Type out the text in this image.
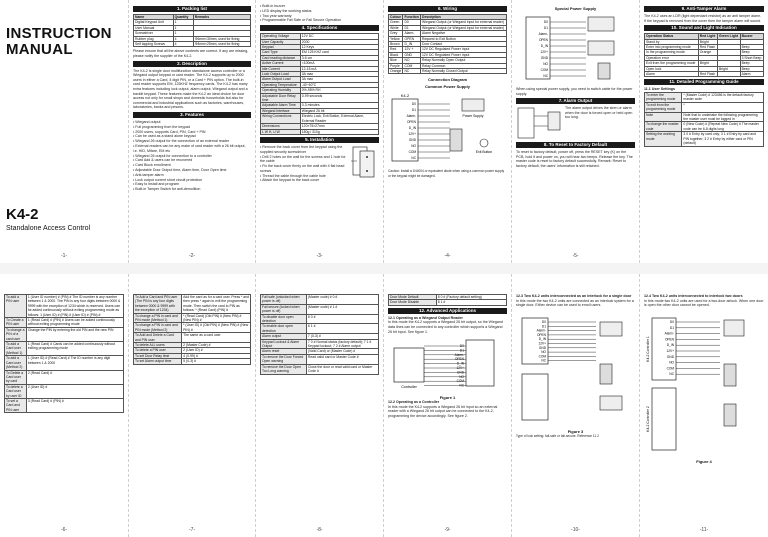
INSTRUCTION
MANUAL
K4-2
Standalone Access Control
-1-
1. Packing list
Name	Quantity	Remarks
Digital Keypad Unit	1	
User Manual	1	
Screwdriver	1	
Rubber plug	4	Φ6mm×30mm, used for fixing
Self tapping Screws	4	Φ4mm×25mm, used for fixing
Please ensure that all the above contents are correct. If any are missing, please notify the supplier of the K4-2.
2. Description
The K4-2 is single door multifunction standalone access controller or a Wiegand output keypad or card reader. The K4-2 supports up to 2000 users in either a Card, 4 digit PIN, or a Card + PIN option. The built-in card reader supports EM, 125KHZ frequency cards. The K4-2 has many extra features including lock output, alarm output, Wiegand output and a backlit keypad. These features make the K4-2 an ideal choice for door access not only for small shops and domestic households but also for commercial and industrial applications such as factories, warehouses, laboratories, banks and prisons.
3. Features
• Wiegand output
• Full programming from the keypad
• 2000 users, supports Card, PIN, Card + PIN
• Can be used as a stand alone keypad
• Wiegand 26 output for the connection of an external reader
• External readers can be any make of card reader with a 26 bit output, i.e. HID, Mifare, EM etc
• Wiegand 26 output for connection to a controller
• Card Add & users can be recovered
• Card Block enrollment
• Adjustable Door Output time, Alarm time, Door Open time
• Anti-tamper alarm
• Lock output current short circuit protection
• Easy to install and program
• Built-in Tamper Switch for anti-demolition
-2-
• Built-in buzzer
• LED display the working status
• Two year warranty
• Programmable Fail Safe or Fail Secure Operation
4. Specifications
Operating Voltage	12V DC
User Capacity	2000
Keypad	12 Keys
Card Type	EM 125 KHZ card
Card reading distance	3-6 cm
Active Current	<100mA
Idle Current	12-15 mA
Lock Output Load	3A max
Alarm Output Load	3A max
Operating Temperature	-40~60°C
Operating Humidity	0%-95% RH
Adjustable Door Relay time	0-99 seconds
Adjustable Alarm Time	0-3 minutes
Wiegand Interface	Wiegand 26 bit
Wiring Connections	Electric Lock, Exit Button, External Alarm, External Reader
Dimensions	120×75×27mm
L W H, U.W	180g / 310g
5. Installation
• Remove the back cover from the keypad using the supplied security screwdriver
• Drill 2 holes on the wall for the screws and 1 hole for the cable
• Fix the back cover firmly on the wall with 4 flat head screws
• Thread the cable through the cable hole
• Attach the keypad to the back cover
-3-
6. Wiring
Colour	Function	Description
Green	D0	Wiegand Output (or Wiegand input for external reader)
White	D1	Wiegand Output (or Wiegand input for external reader)
Grey	Alarm-	Alarm Negative
Yellow	OPEN	Request to Exit Button
Brown	D_IN	Door Contact
Red	12V +	12V DC Regulated Power Input
Black	GND	12V DC Regulated Power Input
Blue	NO	Relay Normally Open Output
Purple	COM	Relay Common
Orange	NC	Relay Normally Closed Output
Connection Diagram
Common Power Supply
K4-2
D0
D1
Alarm-
OPEN
D_IN
12V+
GND
NO
COM
NC
Power Supply
Exit Button
Caution: Install a 1N4004 or equivalent diode when using a common power supply or the keypad might be damaged.
-4-
Special Power Supply
D0
D1
Alarm-
OPEN
D_IN
12V+
GND
NO
COM
NC
When using special power supply, you need to switch cable for the power supply.
7. Alarm Output
The alarm output drives the siren or alarm when the door is forced open or held open too long.
8. To Reset to Factory Default
To reset to factory default, power off, press the RESET key (K) on the PCB, hold it and power on, you will hear two beeps. Release the key. The master code is reset to factory default successfully. Remark: Reset to factory default, the users' information is still retained.
-5-
9. Anti-Tamper Alarm
The K4-2 uses an LDR (light dependant resistor) as an anti tamper alarm. If the keypad is removed from the cover then the tamper alarm will sound.
10. Sound and Light Indication
Operation Status	Red Light	Green Light	Buzzer
Stand by	Bright		
Enter into programming mode	Red Flash		Beep
In the programming mode	Orange		Beep
Operation error			3 Short Beep
Exit from the programming mode	Bright		Beep
Open lock		Bright	Beep
Alarm	Red Flash		Alarm
11. Detailed Programming Guide
11.1 User Settings
To enter the programming mode	* (Master Code) # 123456 is the default factory master code
To exit from the programming mode	*
Note	Note that to undertake the following programming the master user must be logged in
To change the master code	0 (New Code) # (Repeat New Code) # The master code can be 6-8 digits long
Setting the working mode	3 0 # Entry by card only; 3 1 # Entry by card and PIN together; 3 2 # Entry by either card or PIN (default)
To add a PIN user	1 (User ID number) # (PIN) # The ID number is any number between 1 & 2000. The PIN is any four digits between 0000 & 9999 with the exception of 1234 which is reserved. Users can be added continuously without exiting programming mode as follows: 1 (User ID) # (PIN) # (User ID) # (PIN) #
To Create a PIN user	1 (Read Card) # (PIN) # Users can be added continuously without exiting programming mode
To change a PIN of a card user	Change the PIN by entering the old PIN and the new PIN
To add a Card user (Method 1)	1 (Read Card) # Cards can be added continuously without exiting programming mode
To add a Card user (Method 2)	1 (User ID) # (Read Card) # The ID number is any digit between 1 & 2000
To Delete a Card user by card	2 (Read Card) #
To delete a Card user by user ID	2 (User ID) #
To set a Card and PIN user	3 (Read Card) # (PIN) #
-6-
To Add a Card and PIN user (The PIN is any four digits between 0000 & 9999 with the exception of 1234)	Add the card as for a card user. Press * and then press * again to exit the programming mode. Then switch the card to PIN as follows: * (Read Card) (PIN) #
To change a PIN in card and PIN mode (Method 1)	* (Read Card) (Old PIN) # (New PIN) # (New PIN) #
To change a PIN in card and PIN mode (Method 2)	* (User ID) # (Old PIN) # (New PIN) # (New PIN) #
To Add and Delete a Card and PIN user	The same as a card user
To delete ALL users	2 (Master Code) #
To delete a PIN user	2 (User ID) #
To set Door Relay time	4 (0-99) #
To set Alarm output time	5 (0-3) #
-7-
Fail safe (unlocked when power is off)	(Master code) # 0 #
Fail secure (locked when power is off)	(Master code) # 1 #
To disable door open detection	6 0 #
To enable door open detection	6 1 #
Alarm output	7 (0-3) #
Keypad Lockout & Alarm Output	7 0 # Normal status (factory default); 7 1 # Keypad lockout; 7 2 # Alarm output
Alarm reset	(Valid Card) or (Master Code) #
To remove the Door Forced Open warning	Read valid card or Master Code #
To remove the Door Open Too Long warning	Close the door or read valid card or Master Code #
-8-
Door Mode Default	8 0 # (Factory default setting)
Door Mode Disable	8 1 #
12. Advanced Applications
12.1 Operating as a Wiegand Output Reader
In this mode the K4-2 supports a Wiegand 26 bit output, so the Wiegand data lines can be connected to any controller which supports a Wiegand 26 bit input. See figure 1.
Controller
D0
D1
Alarm-
OPEN
D_IN
12V+
GND
NO
COM
NC
Figure 1
12.2 Operating as a Controller
In this mode the K4-2 supports a Wiegand 26 bit input so an external reader with a Wiegand 26 bit output can be connected to the K4-2, programming the device accordingly. See figure 2.
-9-
12.3 Two K4-2 units interconnected as an interlock for a single door
In this mode the two K4-2 units are connected as an interlock system for a single door. Either device can be used to enroll users.
D0
D1
Alarm-
OPEN
D_IN
12V+
GND
NO
COM
NC
Figure 3
Type of lock setting: fail-safe or fail-secure. Reference 11.2
-10-
12.4 Two K4-2 units interconnected to interlock two doors
In this mode two K4-2 units are used for a two-door airlock. When one door is open the other door cannot be opened.
K4-2 Controller 1
K4-2 Controller 2
D0
D1
Alarm-
OPEN
D_IN
12V+
GND
NO
COM
NC
Figure 4
-11-
